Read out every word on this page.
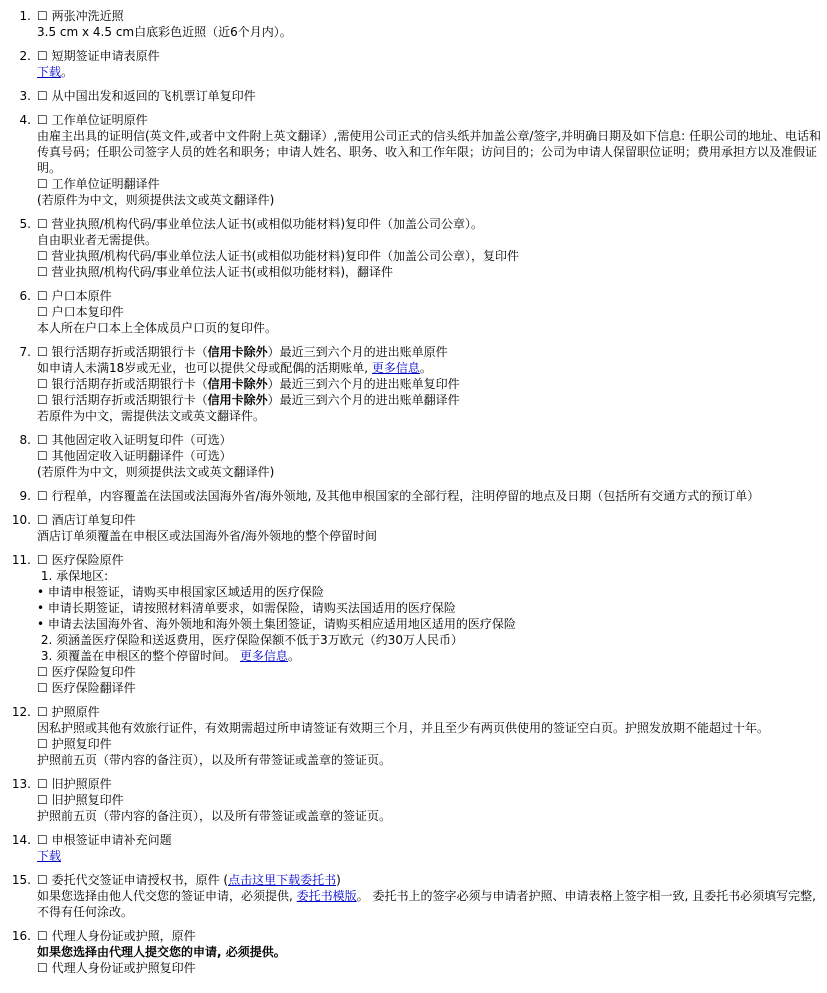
1. ☐ 两张冲洗近照
3.5 cm x 4.5 cm白底彩色近照（近6个月内）。
2. ☐ 短期签证申请表原件
下载。
3. ☐ 从中国出发和返回的飞机票订单复印件
4. ☐ 工作单位证明原件
由雇主出具的证明信(英文件,或者中文件附上英文翻译）,需使用公司正式的信头纸并加盖公章/签字,并明确日期及如下信息: 任职公司的地址、电话和传真号码；任职公司签字人员的姓名和职务；申请人姓名、职务、收入和工作年限；访问目的；公司为申请人保留职位证明；费用承担方以及准假证明。
☐ 工作单位证明翻译件
(若原件为中文，则须提供法文或英文翻译件)
5. ☐ 营业执照/机构代码/事业单位法人证书(或相似功能材料)复印件（加盖公司公章）。
自由职业者无需提供。
☐ 营业执照/机构代码/事业单位法人证书(或相似功能材料)复印件（加盖公司公章），复印件
☐ 营业执照/机构代码/事业单位法人证书(或相似功能材料)，翻译件
6. ☐ 户口本原件
☐ 户口本复印件
本人所在户口本上全体成员户口页的复印件。
7. ☐ 银行活期存折或活期银行卡（信用卡除外）最近三到六个月的进出账单原件
如申请人未满18岁或无业，也可以提供父母或配偶的活期账单, 更多信息。
☐ 银行活期存折或活期银行卡（信用卡除外）最近三到六个月的进出账单复印件
☐ 银行活期存折或活期银行卡（信用卡除外）最近三到六个月的进出账单翻译件
若原件为中文，需提供法文或英文翻译件。
8. ☐ 其他固定收入证明复印件（可选）
☐ 其他固定收入证明翻译件（可选）
(若原件为中文，则须提供法文或英文翻译件)
9. ☐ 行程单，内容覆盖在法国或法国海外省/海外领地, 及其他申根国家的全部行程，注明停留的地点及日期（包括所有交通方式的预订单）
10. ☐ 酒店订单复印件
酒店订单须覆盖在申根区或法国海外省/海外领地的整个停留时间
11. ☐ 医疗保险原件
1. 承保地区:
• 申请申根签证，请购买申根国家区域适用的医疗保险
• 申请长期签证，请按照材料清单要求，如需保险，请购买法国适用的医疗保险
• 申请去法国海外省、海外领地和海外领土集团签证，请购买相应适用地区适用的医疗保险
2. 须涵盖医疗保险和送返费用，医疗保险保额不低于3万欧元（约30万人民币）
3. 须覆盖在申根区的整个停留时间。 更多信息。
☐ 医疗保险复印件
☐ 医疗保险翻译件
12. ☐ 护照原件
因私护照或其他有效旅行证件，有效期需超过所申请签证有效期三个月，并且至少有两页供使用的签证空白页。护照发放期不能超过十年。
☐ 护照复印件
护照前五页（带内容的备注页），以及所有带签证或盖章的签证页。
13. ☐ 旧护照原件
☐ 旧护照复印件
护照前五页（带内容的备注页），以及所有带签证或盖章的签证页。
14. ☐ 申根签证申请补充问题
下载
15. ☐ 委托代交签证申请授权书，原件 (点击这里下载委托书)
如果您选择由他人代交您的签证申请，必须提供, 委托书模版。 委托书上的签字必须与申请者护照、申请表格上签字相一致, 且委托书必须填写完整, 不得有任何涂改。
16. ☐ 代理人身份证或护照，原件
如果您选择由代理人提交您的申请, 必须提供。
☐ 代理人身份证或护照复印件
